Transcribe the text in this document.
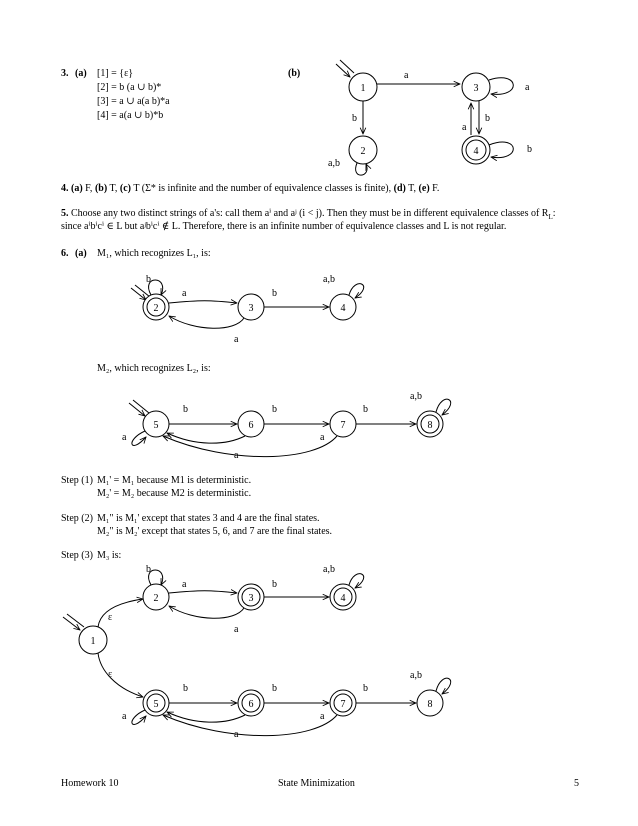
3. (a) [1] = {ε}
[2] = b (a ∪ b)*
[3] = a ∪ a(a b)*a
[4] = a(a ∪ b)*b
(b)
1	3
2	4
a
a
b	b
a
b
a,b
2	3	4
b
a	b
a,b
a
5	6	7	8
b	b	b
a,b
a	a
a
1
2	3	4
b
a	b
a,b
a
ε
ε
5	6	7	8
b	b	b
a,b
a	a
a
4. (a) F, (b) T, (c) T (Σ* is infinite and the number of equivalence classes is finite), (d) T, (e) F.
5. Choose any two distinct strings of a's: call them aⁱ and aʲ (i < j). Then they must be in different equivalence classes of $R_L$:
since aⁱbⁱcⁱ ∈ L but aʲbⁱcⁱ ∉ L. Therefore, there is an infinite number of equivalence classes and L is not regular.
6. (a) M₁, which recognizes L₁, is:
M₂, which recognizes L₂, is:
Step (1) M₁' = M₁ because M1 is deterministic.
M₂' = M₂ because M2 is deterministic.
Step (2) M₁" is M₁' except that states 3 and 4 are the final states.
M₂" is M₂' except that states 5, 6, and 7 are the final states.
Step (3) M₃ is:
Homework 10	State Minimization	5
